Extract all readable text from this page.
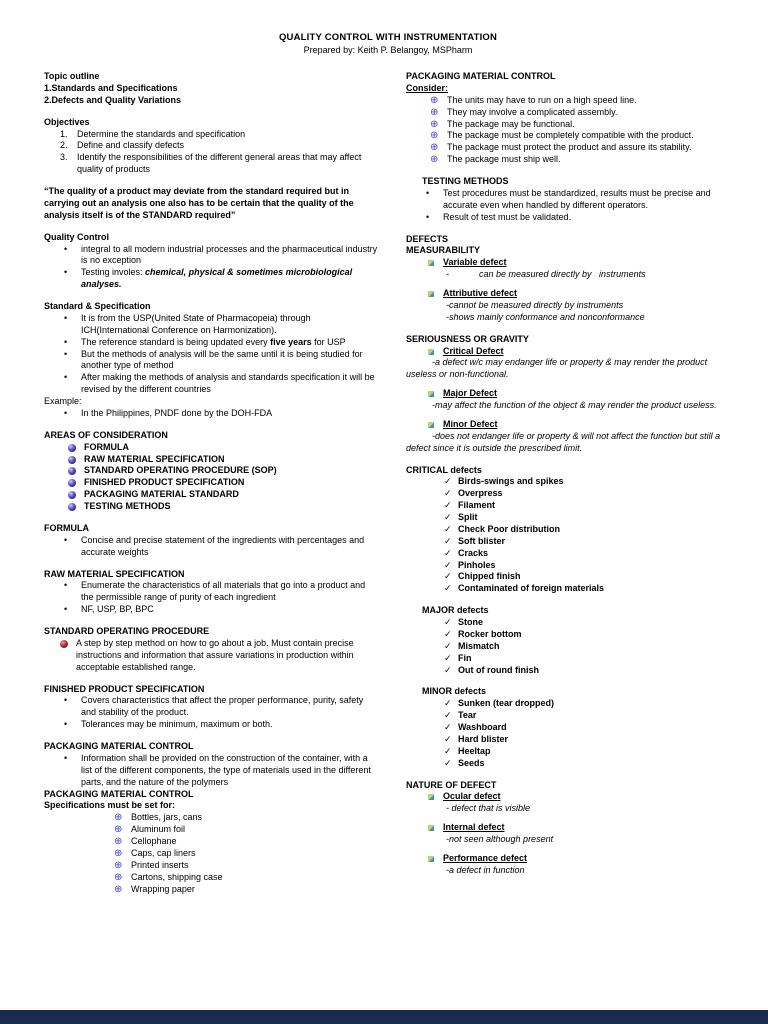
QUALITY CONTROL WITH INSTRUMENTATION
Prepared by: Keith P. Belangoy, MSPharm
Topic outline
1.Standards and Specifications
2.Defects and Quality Variations
Objectives
1.	Determine the standards and specification
2.	Define and classify defects
3.	Identify the responsibilities of the different general areas that may affect quality of products
“The quality of a product may deviate from the standard required but in carrying out an analysis one also has to be certain that the quality of the analysis itself is of the STANDARD required”
Quality Control
•	integral to all modern industrial processes and the pharmaceutical industry is no exception
•	Testing involes: chemical, physical & sometimes microbiological analyses.
Standard & Specification
•	It is from the USP(United State of Pharmacopeia) through ICH(International Conference on Harmonization).
•	The reference standard is being updated every five years for USP
•	But the methods of analysis will be the same until it is being studied for another type of method
•	After making the methods of analysis and standards specification it will be revised by the different countries
Example:
•	In the Philippines, PNDF done by the DOH-FDA
AREAS OF CONSIDERATION
FORMULA
RAW MATERIAL SPECIFICATION
STANDARD OPERATING PROCEDURE (SOP)
FINISHED PRODUCT SPECIFICATION
PACKAGING MATERIAL STANDARD
TESTING METHODS
FORMULA
•	Concise and precise statement of the ingredients with percentages and accurate weights
RAW MATERIAL SPECIFICATION
•	Enumerate the characteristics of all materials that go into a product and the permissible range of purity of each ingredient
•	NF, USP, BP, BPC
STANDARD OPERATING PROCEDURE
A step by step method on how to go about a job. Must contain precise instructions and information that assure variations in production within acceptable established range.
FINISHED PRODUCT SPECIFICATION
•	Covers characteristics that affect the proper performance, purity, safety and stability of the product.
•	Tolerances may be minimum, maximum or both.
PACKAGING MATERIAL CONTROL
•	Information shall be provided on the construction of the container, with a list of the different components, the type of materials used in the different parts, and the nature of the polymers
PACKAGING MATERIAL CONTROL
Specifications must be set for:
⊕ Bottles, jars, cans
⊕ Aluminum foil
⊕ Cellophane
⊕ Caps, cap liners
⊕ Printed inserts
⊕ Cartons, shipping case
⊕ Wrapping paper
PACKAGING MATERIAL CONTROL
Consider:
⊕ The units may have to run on a high speed line.
⊕ They may involve a complicated assembly.
⊕ The package may be functional.
⊕ The package must be completely compatible with the product.
⊕ The package must protect the product and assure its stability.
⊕ The package must ship well.
TESTING METHODS
•	Test procedures must be standardized, results must be precise and accurate even when handled by different operators.
•	Result of test must be validated.
DEFECTS
MEASURABILITY
Variable defect
-            can be measured directly by   instruments
Attributive defect
-cannot be measured directly by instruments
-shows mainly conformance and nonconformance
SERIOUSNESS OR GRAVITY
Critical Defect
-a defect w/c may endanger life or property & may render the product useless or non-functional.
Major Defect
-may affect the function of the object & may render the product useless.
Minor Defect
-does not endanger life or property & will not affect the function but still a defect since it is outside the prescribed limit.
CRITICAL defects
✓ Birds-swings and spikes
✓ Overpress
✓ Filament
✓ Split
✓ Check Poor distribution
✓ Soft blister
✓ Cracks
✓ Pinholes
✓ Chipped finish
✓ Contaminated of foreign materials
MAJOR defects
✓ Stone
✓ Rocker bottom
✓ Mismatch
✓ Fin
✓ Out of round finish
MINOR defects
✓ Sunken (tear dropped)
✓ Tear
✓ Washboard
✓ Hard blister
✓ Heeltap
✓ Seeds
NATURE OF DEFECT
Ocular defect
- defect that is visible
Internal defect
-not seen although present
Performance defect
-a defect in function
